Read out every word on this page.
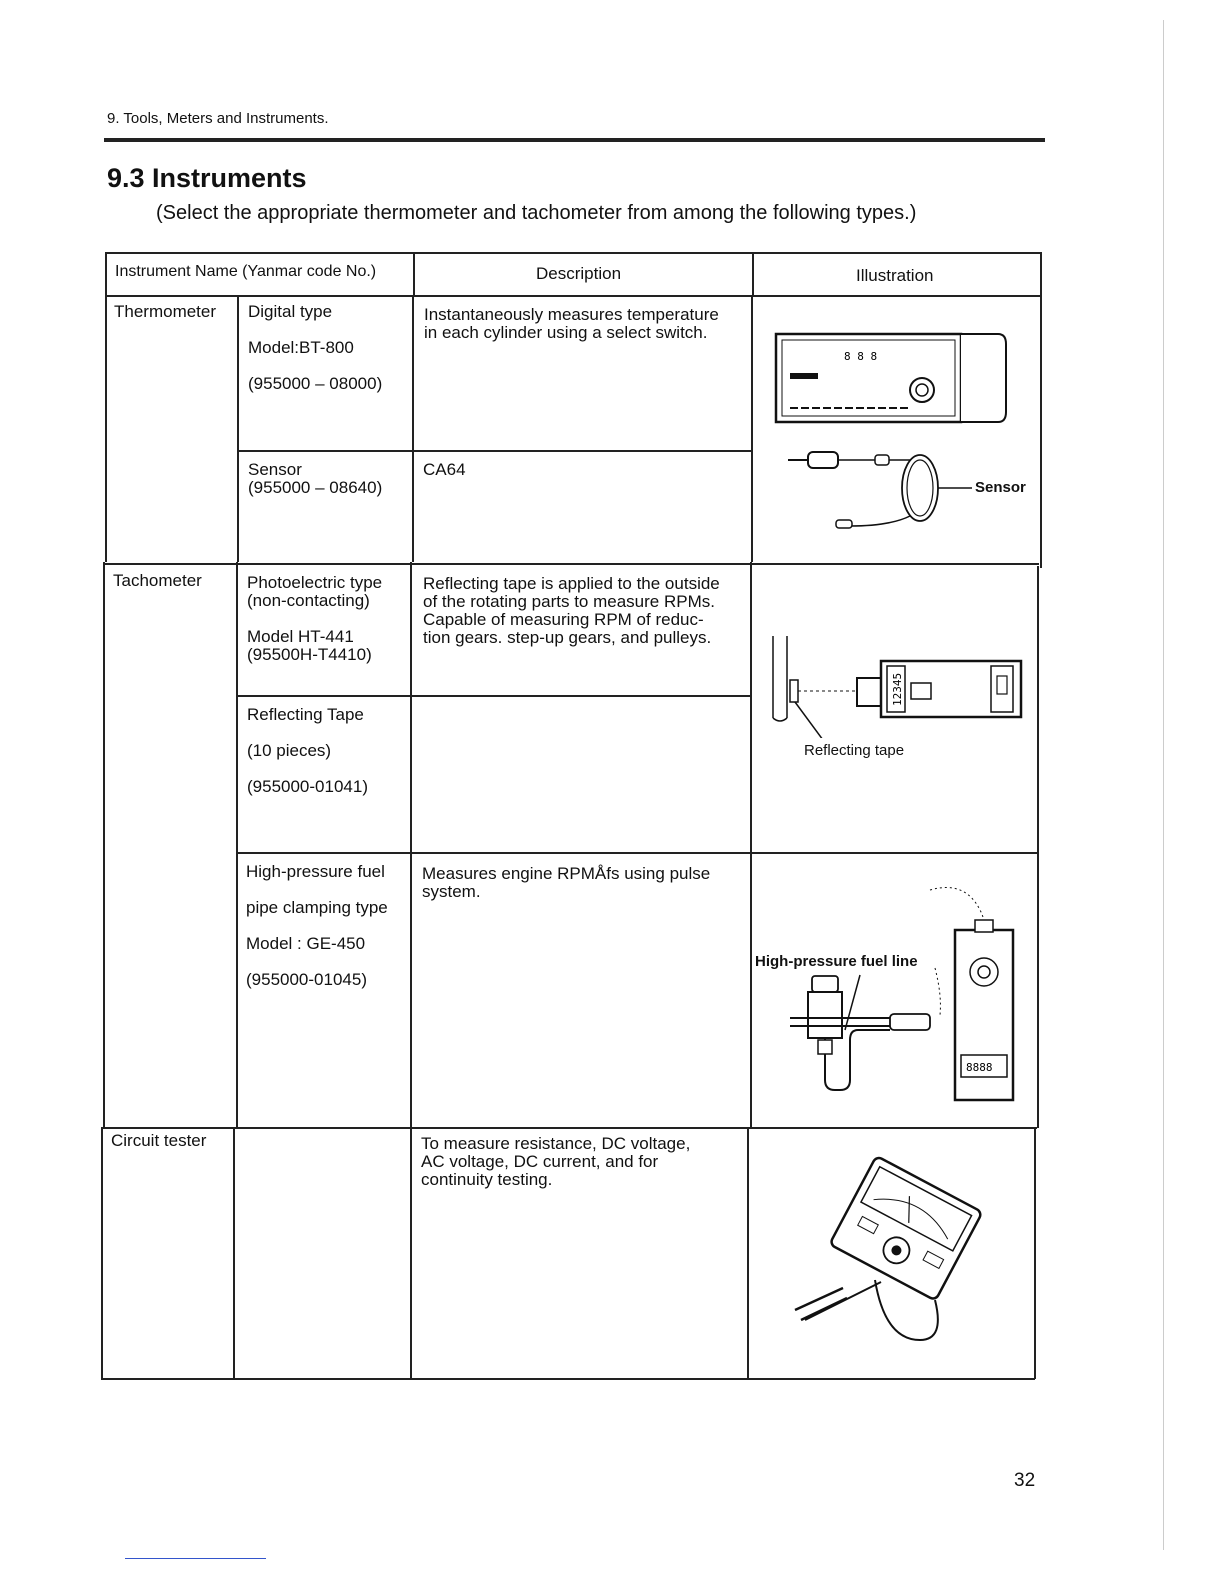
9. Tools, Meters and Instruments.
9.3 Instruments
(Select the appropriate thermometer and tachometer from among the following types.)
Instrument Name (Yanmar code No.)	Description	Illustration
Thermometer
Tachometer
Circuit tester
Digital type
Model:BT-800
(955000 – 08000)
Instantaneously measures temperature
in each cylinder using a select switch.
Sensor
(955000 – 08640)
CA64
Photoelectric type
(non-contacting)
Model HT-441
(95500H-T4410)
Reflecting tape is applied to the outside
of the rotating parts to measure RPMs.
Capable of measuring RPM of reduc-
tion gears. step-up gears, and pulleys.
Reflecting Tape
(10 pieces)
(955000-01041)
High-pressure fuel
pipe clamping type
Model : GE-450
(955000-01045)
Measures engine RPMÅfs using pulse
system.
To measure resistance, DC voltage,
AC voltage, DC current, and for
continuity testing.
8 8 8
Sensor
12345
Reflecting tape
8888
High-pressure fuel line
32
